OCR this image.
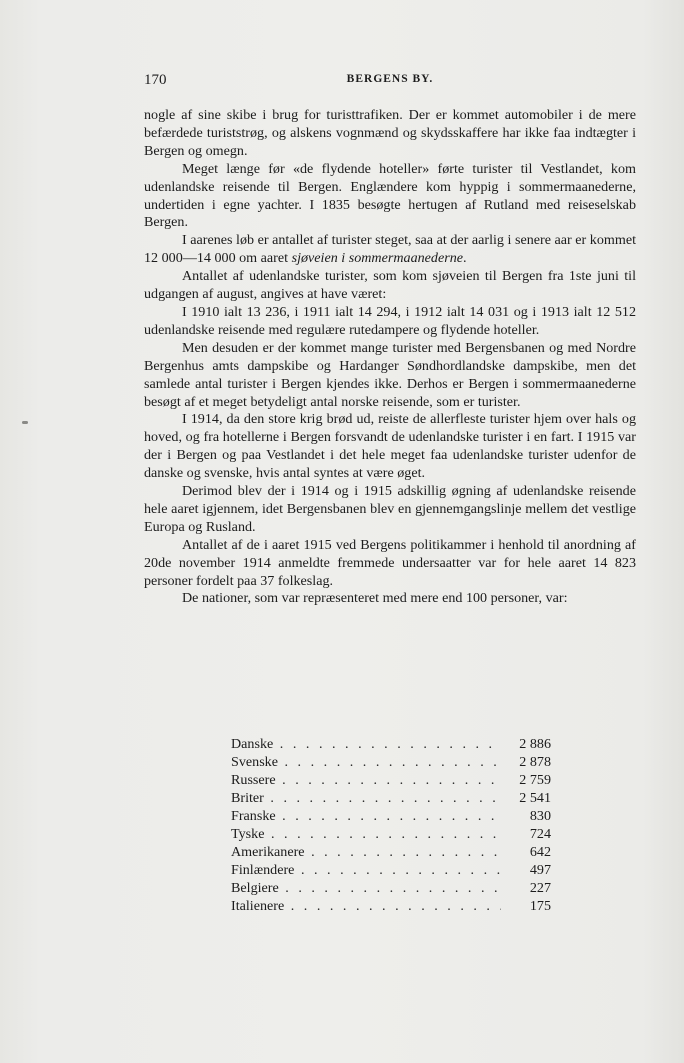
170	BERGENS BY.

nogle af sine skibe i brug for turisttrafiken. Der er kommet automobiler i de mere befærdede turiststrøg, og alskens vognmænd og skydsskaffere har ikke faa indtægter i Bergen og omegn.

Meget længe før «de flydende hoteller» førte turister til Vestlandet, kom udenlandske reisende til Bergen. Englændere kom hyppig i sommermaanederne, undertiden i egne yachter. I 1835 besøgte hertugen af Rutland med reiseselskab Bergen.

I aarenes løb er antallet af turister steget, saa at der aarlig i senere aar er kommet 12 000—14 000 om aaret sjøveien i sommermaanederne.

Antallet af udenlandske turister, som kom sjøveien til Bergen fra 1ste juni til udgangen af august, angives at have været:

I 1910 ialt 13 236, i 1911 ialt 14 294, i 1912 ialt 14 031 og i 1913 ialt 12 512 udenlandske reisende med regulære rutedampere og flydende hoteller.

Men desuden er der kommet mange turister med Bergensbanen og med Nordre Bergenhus amts dampskibe og Hardanger Søndhordlandske dampskibe, men det samlede antal turister i Bergen kjendes ikke. Derhos er Bergen i sommermaanederne besøgt af et meget betydeligt antal norske reisende, som er turister.

I 1914, da den store krig brød ud, reiste de allerfleste turister hjem over hals og hoved, og fra hotellerne i Bergen forsvandt de udenlandske turister i en fart. I 1915 var der i Bergen og paa Vestlandet i det hele meget faa udenlandske turister udenfor de danske og svenske, hvis antal syntes at være øget.

Derimod blev der i 1914 og i 1915 adskillig øgning af udenlandske reisende hele aaret igjennem, idet Bergensbanen blev en gjennemgangslinje mellem det vestlige Europa og Rusland.

Antallet af de i aaret 1915 ved Bergens politikammer i henhold til anordning af 20de november 1914 anmeldte fremmede undersaatter var for hele aaret 14 823 personer fordelt paa 37 folkeslag.

De nationer, som var repræsenteret med mere end 100 personer, var:

Danske . . .	2 886
Svenske . . .	2 878
Russere . . .	2 759
Briter . . .	2 541
Franske . . .	830
Tyske . . .	724
Amerikanere . . .	642
Finlændere . . .	497
Belgiere . . .	227
Italienere . . .	175
